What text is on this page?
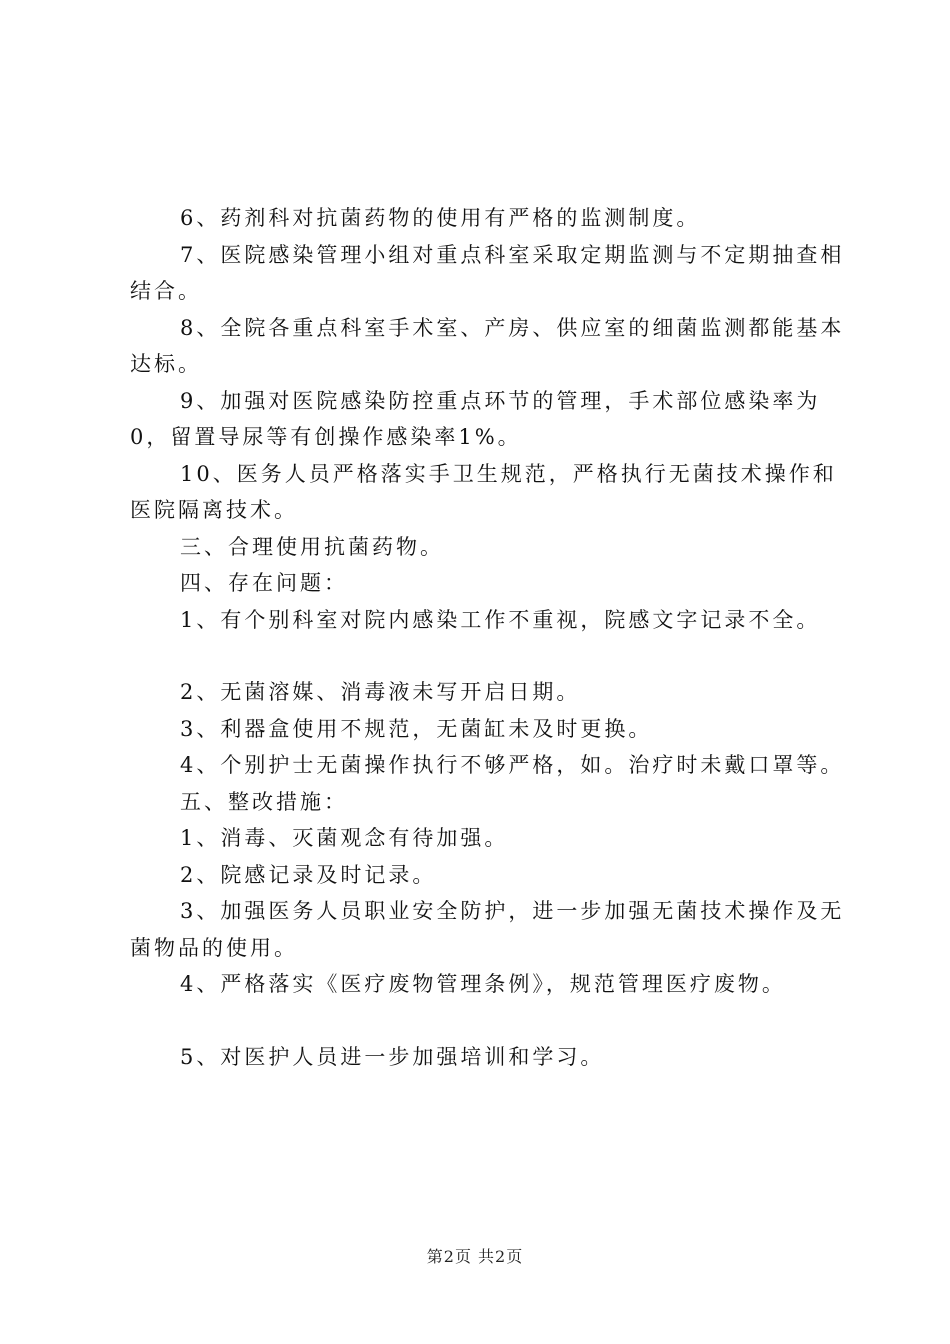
6、药剂科对抗菌药物的使用有严格的监测制度。

7、医院感染管理小组对重点科室采取定期监测与不定期抽查相结合。

8、全院各重点科室手术室、产房、供应室的细菌监测都能基本达标。

9、加强对医院感染防控重点环节的管理，手术部位感染率为0，留置导尿等有创操作感染率1%。

10、医务人员严格落实手卫生规范，严格执行无菌技术操作和医院隔离技术。

三、合理使用抗菌药物。

四、存在问题：

1、有个别科室对院内感染工作不重视，院感文字记录不全。

2、无菌溶媒、消毒液未写开启日期。

3、利器盒使用不规范，无菌缸未及时更换。

4、个别护士无菌操作执行不够严格，如。治疗时未戴口罩等。

五、整改措施：

1、消毒、灭菌观念有待加强。

2、院感记录及时记录。

3、加强医务人员职业安全防护，进一步加强无菌技术操作及无菌物品的使用。

4、严格落实《医疗废物管理条例》，规范管理医疗废物。

5、对医护人员进一步加强培训和学习。

第2页 共2页
